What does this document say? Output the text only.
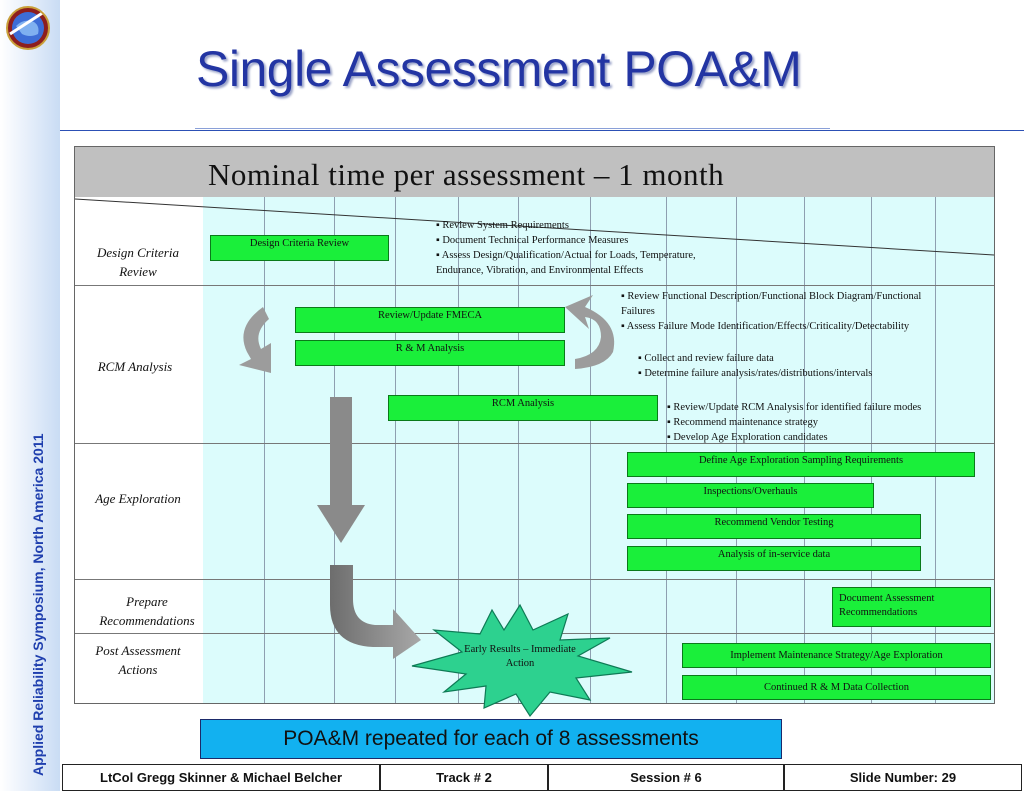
Applied Reliability Symposium, North America 2011
Single Assessment POA&M
Nominal time per assessment – 1 month
Design Criteria Review
RCM Analysis
Age Exploration
Prepare Recommendations
Post Assessment Actions
Design Criteria Review
Review/Update FMECA
R & M Analysis
RCM Analysis
Define Age Exploration Sampling Requirements
Inspections/Overhauls
Recommend Vendor Testing
Analysis of in-service data
Document Assessment Recommendations
Implement Maintenance Strategy/Age Exploration
Continued R & M Data Collection
▪ Review System Requirements
▪ Document Technical Performance Measures
▪ Assess Design/Qualification/Actual for Loads, Temperature,
Endurance, Vibration, and Environmental Effects
▪ Review Functional Description/Functional Block Diagram/Functional
Failures
▪ Assess Failure Mode Identification/Effects/Criticality/Detectability
▪ Collect and review failure data
▪ Determine failure analysis/rates/distributions/intervals
▪ Review/Update RCM Analysis for identified failure modes
▪ Recommend maintenance strategy
▪ Develop Age Exploration candidates
Early Results – Immediate Action
POA&M repeated for each of 8 assessments
LtCol Gregg Skinner & Michael Belcher	Track # 2	Session # 6	Slide Number: 29
